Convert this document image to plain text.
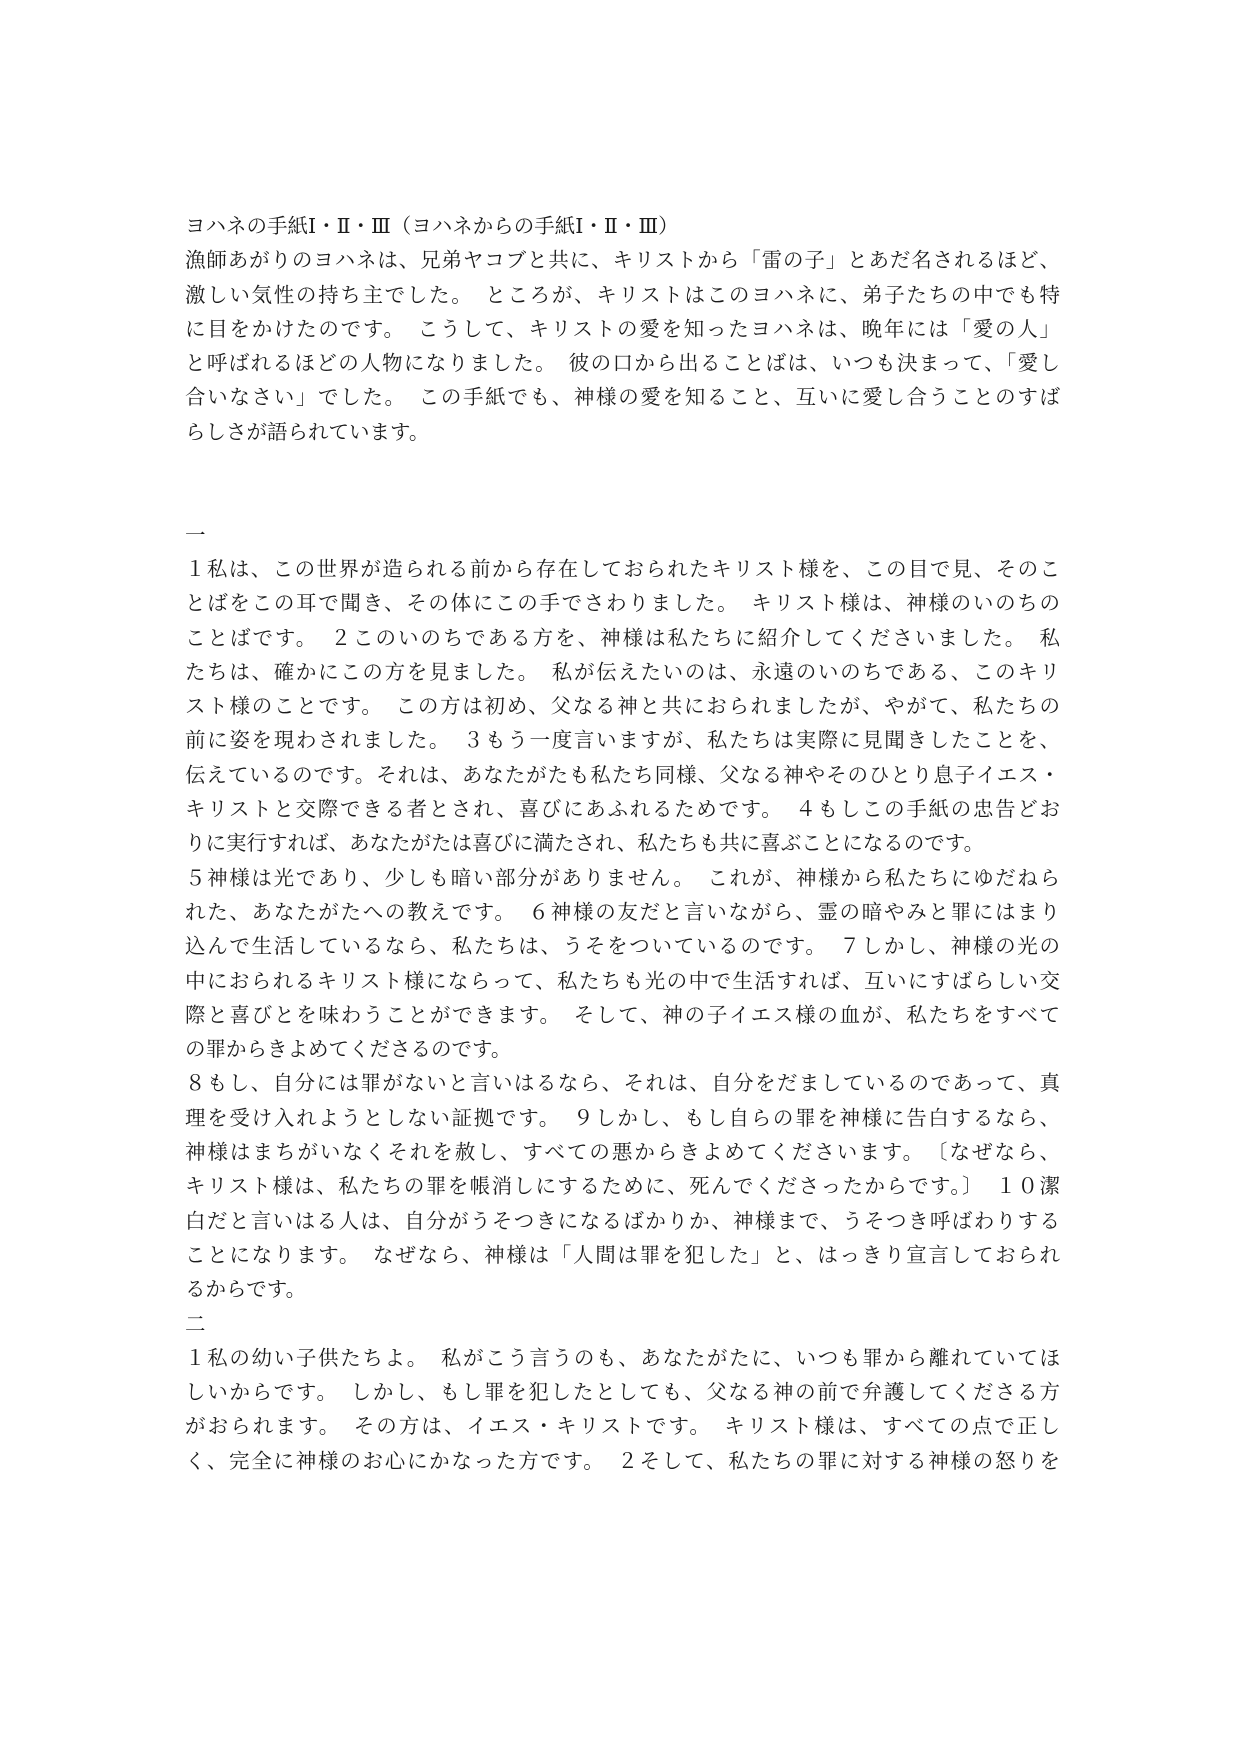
ヨハネの手紙Ⅰ・Ⅱ・Ⅲ（ヨハネからの手紙Ⅰ・Ⅱ・Ⅲ）
漁師あがりのヨハネは、兄弟ヤコブと共に、キリストから「雷の子」とあだ名されるほど、
激しい気性の持ち主でした。　ところが、キリストはこのヨハネに、弟子たちの中でも特
に目をかけたのです。　こうして、キリストの愛を知ったヨハネは、晩年には「愛の人」
と呼ばれるほどの人物になりました。　彼の口から出ることばは、いつも決まって、「愛し
合いなさい」でした。　この手紙でも、神様の愛を知ること、互いに愛し合うことのすば
らしさが語られています。
一
１私は、この世界が造られる前から存在しておられたキリスト様を、この目で見、そのこ
とばをこの耳で聞き、その体にこの手でさわりました。　キリスト様は、神様のいのちの
ことばです。　２このいのちである方を、神様は私たちに紹介してくださいました。　私
たちは、確かにこの方を見ました。　私が伝えたいのは、永遠のいのちである、このキリ
スト様のことです。　この方は初め、父なる神と共におられましたが、やがて、私たちの
前に姿を現わされました。　３もう一度言いますが、私たちは実際に見聞きしたことを、
伝えているのです。それは、あなたがたも私たち同様、父なる神やそのひとり息子イエス・
キリストと交際できる者とされ、喜びにあふれるためです。　４もしこの手紙の忠告どお
りに実行すれば、あなたがたは喜びに満たされ、私たちも共に喜ぶことになるのです。
５神様は光であり、少しも暗い部分がありません。　これが、神様から私たちにゆだねら
れた、あなたがたへの教えです。　６神様の友だと言いながら、霊の暗やみと罪にはまり
込んで生活しているなら、私たちは、うそをついているのです。　７しかし、神様の光の
中におられるキリスト様にならって、私たちも光の中で生活すれば、互いにすばらしい交
際と喜びとを味わうことができます。　そして、神の子イエス様の血が、私たちをすべて
の罪からきよめてくださるのです。
８もし、自分には罪がないと言いはるなら、それは、自分をだましているのであって、真
理を受け入れようとしない証拠です。　９しかし、もし自らの罪を神様に告白するなら、
神様はまちがいなくそれを赦し、すべての悪からきよめてくださいます。　〔なぜなら、
キリスト様は、私たちの罪を帳消しにするために、死んでくださったからです。〕　１０潔
白だと言いはる人は、自分がうそつきになるばかりか、神様まで、うそつき呼ばわりする
ことになります。　なぜなら、神様は「人間は罪を犯した」と、はっきり宣言しておられ
るからです。
二
１私の幼い子供たちよ。　私がこう言うのも、あなたがたに、いつも罪から離れていてほ
しいからです。　しかし、もし罪を犯したとしても、父なる神の前で弁護してくださる方
がおられます。　その方は、イエス・キリストです。　キリスト様は、すべての点で正し
く、完全に神様のお心にかなった方です。　２そして、私たちの罪に対する神様の怒りを
